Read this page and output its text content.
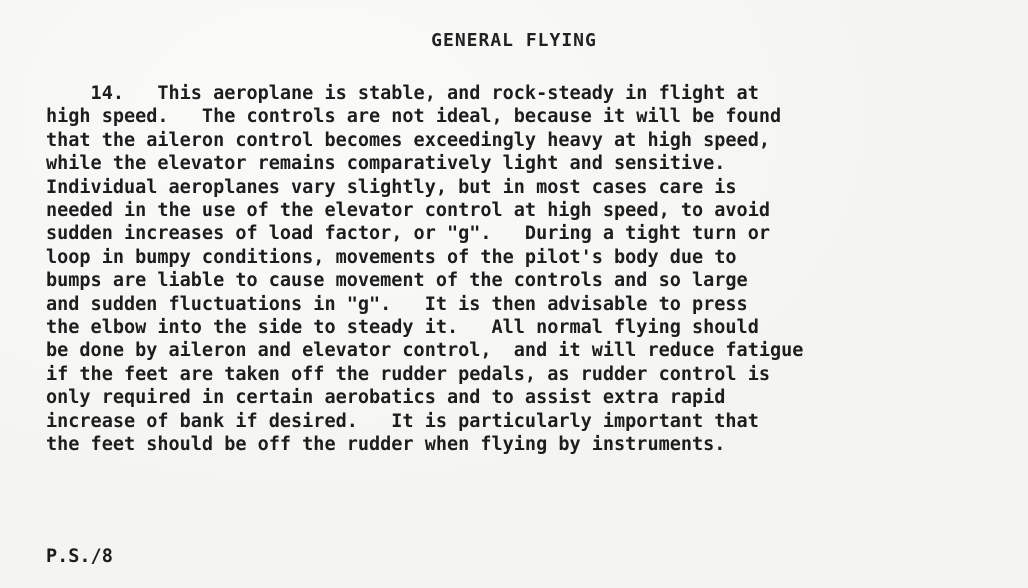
GENERAL FLYING
14.   This aeroplane is stable, and rock-steady in flight at
high speed.   The controls are not ideal, because it will be found
that the aileron control becomes exceedingly heavy at high speed,
while the elevator remains comparatively light and sensitive.
Individual aeroplanes vary slightly, but in most cases care is
needed in the use of the elevator control at high speed, to avoid
sudden increases of load factor, or "g".   During a tight turn or
loop in bumpy conditions, movements of the pilot's body due to
bumps are liable to cause movement of the controls and so large
and sudden fluctuations in "g".   It is then advisable to press
the elbow into the side to steady it.   All normal flying should
be done by aileron and elevator control,  and it will reduce fatigue
if the feet are taken off the rudder pedals, as rudder control is
only required in certain aerobatics and to assist extra rapid
increase of bank if desired.   It is particularly important that
the feet should be off the rudder when flying by instruments.
P.S./8
